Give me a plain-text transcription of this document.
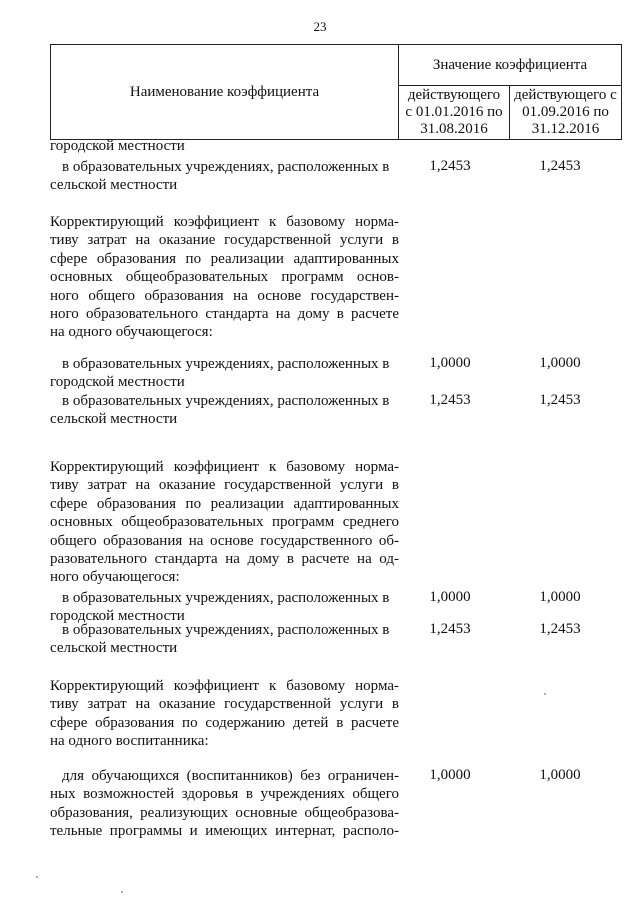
23
Наименование коэффициента
Значение коэффициента
действующего
с 01.01.2016 по
31.08.2016
действующего с
01.09.2016 по
31.12.2016
городской местности
в образовательных учреждениях, расположенных в
сельской местности
1,2453	1,2453
Корректирующий коэффициент к базовому норма-
тиву затрат на оказание государственной услуги в
сфере образования по реализации адаптированных
основных общеобразовательных программ основ-
ного общего образования на основе государствен-
ного образовательного стандарта на дому в расчете
на одного обучающегося:
в образовательных учреждениях, расположенных в
городской местности
1,0000	1,0000
в образовательных учреждениях, расположенных в
сельской местности
1,2453	1,2453
Корректирующий коэффициент к базовому норма-
тиву затрат на оказание государственной услуги в
сфере образования по реализации адаптированных
основных общеобразовательных программ среднего
общего образования на основе государственного об-
разовательного стандарта на дому в расчете на од-
ного обучающегося:
в образовательных учреждениях, расположенных в
городской местности
1,0000	1,0000
в образовательных учреждениях, расположенных в
сельской местности
1,2453	1,2453
Корректирующий коэффициент к базовому норма-
тиву затрат на оказание государственной услуги в
сфере образования по содержанию детей в расчете
на одного воспитанника:
для обучающихся (воспитанников) без ограничен-
ных возможностей здоровья в учреждениях общего
образования, реализующих основные общеобразова-
тельные программы и имеющих интернат, располо-
1,0000	1,0000
